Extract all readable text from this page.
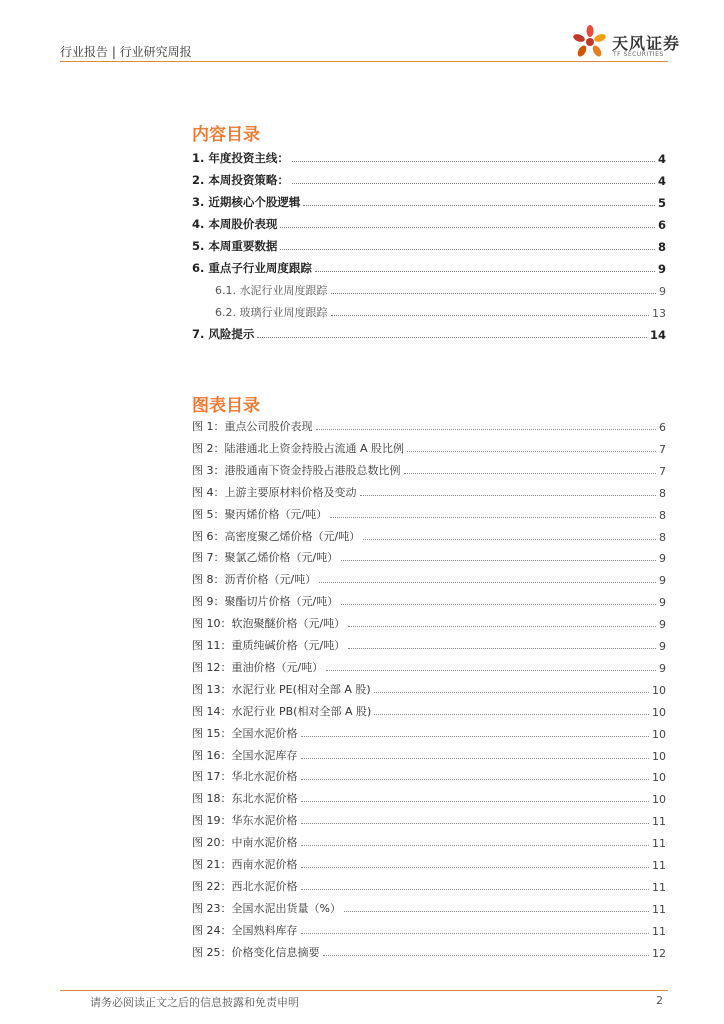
行业报告 | 行业研究周报	天风证券
TF SECURITIES
内容目录
1. 年度投资主线：	4
2. 本周投资策略：	4
3. 近期核心个股逻辑	5
4. 本周股价表现	6
5. 本周重要数据	8
6. 重点子行业周度跟踪	9
6.1. 水泥行业周度跟踪	9
6.2. 玻璃行业周度跟踪	13
7. 风险提示	14
图表目录
图 1：重点公司股价表现	6
图 2：陆港通北上资金持股占流通 A 股比例	7
图 3：港股通南下资金持股占港股总数比例	7
图 4：上游主要原材料价格及变动	8
图 5：聚丙烯价格（元/吨）	8
图 6：高密度聚乙烯价格（元/吨）	8
图 7：聚氯乙烯价格（元/吨）	9
图 8：沥青价格（元/吨）	9
图 9：聚酯切片价格（元/吨）	9
图 10：软泡聚醚价格（元/吨）	9
图 11：重质纯碱价格（元/吨）	9
图 12：重油价格（元/吨）	9
图 13：水泥行业 PE(相对全部 A 股)	10
图 14：水泥行业 PB(相对全部 A 股)	10
图 15：全国水泥价格	10
图 16：全国水泥库存	10
图 17：华北水泥价格	10
图 18：东北水泥价格	10
图 19：华东水泥价格	11
图 20：中南水泥价格	11
图 21：西南水泥价格	11
图 22：西北水泥价格	11
图 23：全国水泥出货量（%）	11
图 24：全国熟料库存	11
图 25：价格变化信息摘要	12
请务必阅读正文之后的信息披露和免责申明	2
